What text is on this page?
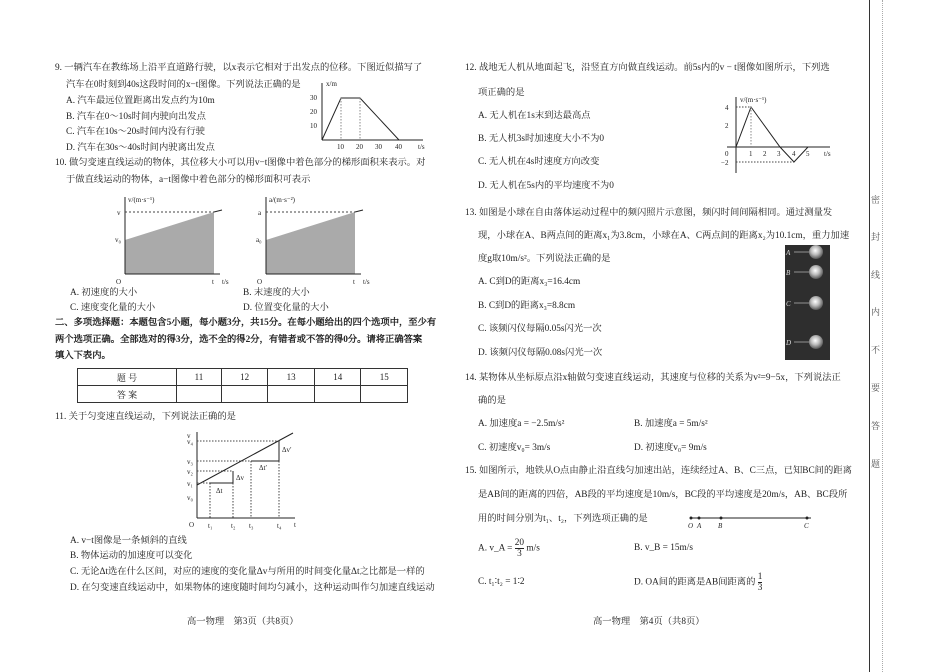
9. 一辆汽车在教练场上沿平直道路行驶，以x表示它相对于出发点的位移。下图近似描写了
汽车在0时刻到40s这段时间的x−t图像。下列说法正确的是
A. 汽车最远位置距离出发点约为10m
B. 汽车在0～10s时间内驶向出发点
C. 汽车在10s～20s时间内没有行驶
D. 汽车在30s～40s时间内驶离出发点
x/m
30
20
10
10 20 30 40 t/s
10. 做匀变速直线运动的物体，其位移大小可以用v−t图像中着色部分的梯形面积来表示。对
于做直线运动的物体，a−t图像中着色部分的梯形面积可表示
v/(m·s⁻¹)
v
v₀
O	t t/s
a/(m·s⁻²)
a
a₀
O	t t/s
A. 初速度的大小	B. 末速度的大小
C. 速度变化量的大小	D. 位置变化量的大小
二、多项选择题：本题包含5小题，每小题3分，共15分。在每小题给出的四个选项中，至少有
两个选项正确。全部选对的得3分，选不全的得2分，有错者或不答的得0分。请将正确答案
填入下表内。
题 号	11	12	13	14	15
答 案					
11. 关于匀变速直线运动，下列说法正确的是
v
v₄
v₃
v₂
v₁
v₀
O t₁	t₂ t₃	t₄ t
Δt
Δv
Δt′
Δv′
A. v−t图像是一条倾斜的直线
B. 物体运动的加速度可以变化
C. 无论Δt选在什么区间，对应的速度的变化量Δv与所用的时间变化量Δt之比都是一样的
D. 在匀变速直线运动中，如果物体的速度随时间均匀减小，这种运动叫作匀加速直线运动
高一物理　第3页（共8页）
12. 战地无人机从地面起飞，沿竖直方向做直线运动。前5s内的v − t图像如图所示，下列选
项正确的是
A. 无人机在1s末到达最高点
B. 无人机3s时加速度大小不为0
C. 无人机在4s时速度方向改变
D. 无人机在5s内的平均速度不为0
v/(m·s⁻¹)
4
2
0
−2
1 2 3 4 5 t/s
13. 如图是小球在自由落体运动过程中的频闪照片示意图，频闪时间间隔相同。通过测量发
现，小球在A、B两点间的距离x₁为3.8cm，小球在A、C两点间的距离x₂为10.1cm，重力加速
度g取10m/s²。下列说法正确的是
A. C到D的距离x₃=16.4cm
B. C到D的距离x₃=8.8cm
C. 该频闪仪每隔0.05s闪光一次
D. 该频闪仪每隔0.08s闪光一次
A
B
C
D
14. 某物体从坐标原点沿x轴做匀变速直线运动，其速度与位移的关系为v²=9−5x，下列说法正
确的是
A. 加速度a = −2.5m/s²	B. 加速度a = 5m/s²
C. 初速度v₀= 3m/s	D. 初速度v₀= 9m/s
15. 如图所示，地铁从O点由静止沿直线匀加速出站，连续经过A、B、C三点，已知BC间的距离
是AB间的距离的四倍，AB段的平均速度是10m/s，BC段的平均速度是20m/s，AB、BC段所
用的时间分别为t₁、t₂，下列选项正确的是
O A B	C
A. v_A = $\frac{20}{3} m/s$	B. v_B = 15m/s
C. t₁∶t₂ = 1∶2	D. OA间的距离是AB间距离的 $\frac{1}{3}$
高一物理　第4页（共8页）
密
封
线
内
不
要
答
题
